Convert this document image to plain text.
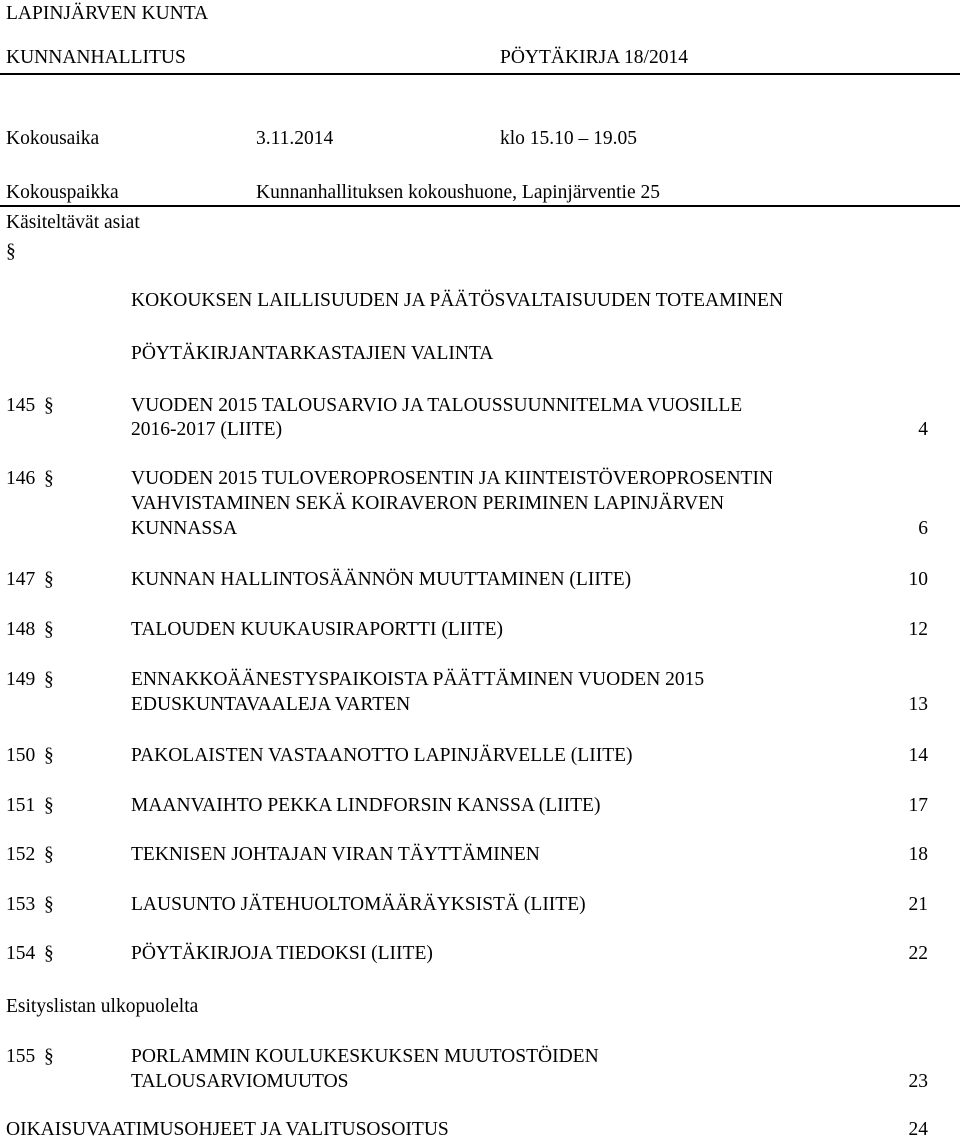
LAPINJÄRVEN KUNTA
KUNNANHALLITUS	PÖYTÄKIRJA 18/2014
Kokousaika	3.11.2014	klo 15.10 – 19.05
Kokouspaikka	Kunnanhallituksen kokoushuone, Lapinjärventie 25
Käsiteltävät asiat
§
KOKOUKSEN LAILLISUUDEN JA PÄÄTÖSVALTAISUUDEN TOTEAMINEN
PÖYTÄKIRJANTARKASTAJIEN VALINTA
145 §	VUODEN 2015 TALOUSARVIO JA TALOUSSUUNNITELMA VUOSILLE
2016-2017 (LIITE)	4
146 §	VUODEN 2015 TULOVEROPROSENTIN JA KIINTEISTÖVEROPROSENTIN
VAHVISTAMINEN SEKÄ KOIRAVERON PERIMINEN LAPINJÄRVEN
KUNNASSA	6
147 §	KUNNAN HALLINTOSÄÄNNÖN MUUTTAMINEN (LIITE)	10
148 §	TALOUDEN KUUKAUSIRAPORTTI (LIITE)	12
149 §	ENNAKKOÄÄNESTYSPAIKOISTA PÄÄTTÄMINEN VUODEN 2015
EDUSKUNTAVAALEJA VARTEN	13
150 §	PAKOLAISTEN VASTAANOTTO LAPINJÄRVELLE (LIITE)	14
151 §	MAANVAIHTO PEKKA LINDFORSIN KANSSA (LIITE)	17
152 §	TEKNISEN JOHTAJAN VIRAN TÄYTTÄMINEN	18
153 §	LAUSUNTO JÄTEHUOLTOMÄÄRÄYKSISTÄ (LIITE)	21
154 §	PÖYTÄKIRJOJA TIEDOKSI (LIITE)	22
Esityslistan ulkopuolelta
155 §	PORLAMMIN KOULUKESKUKSEN MUUTOSTÖIDEN
TALOUSARVIOMUUTOS	23
OIKAISUVAATIMUSOHJEET JA VALITUSOSOITUS	24
